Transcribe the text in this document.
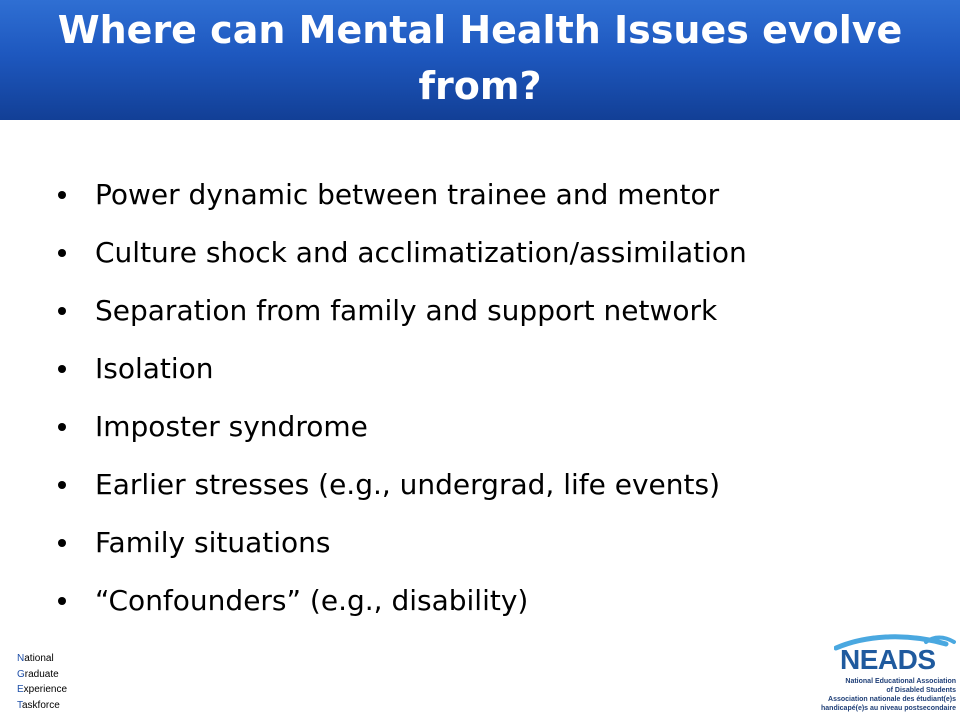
Where can Mental Health Issues evolve from?
Power dynamic between trainee and mentor
Culture shock and acclimatization/assimilation
Separation from family and support network
Isolation
Imposter syndrome
Earlier stresses (e.g., undergrad, life events)
Family situations
“Confounders” (e.g., disability)
National
Graduate
Experience
Taskforce
NEADS
National Educational Association
of Disabled Students
Association nationale des étudiant(e)s
handicapé(e)s au niveau postsecondaire
